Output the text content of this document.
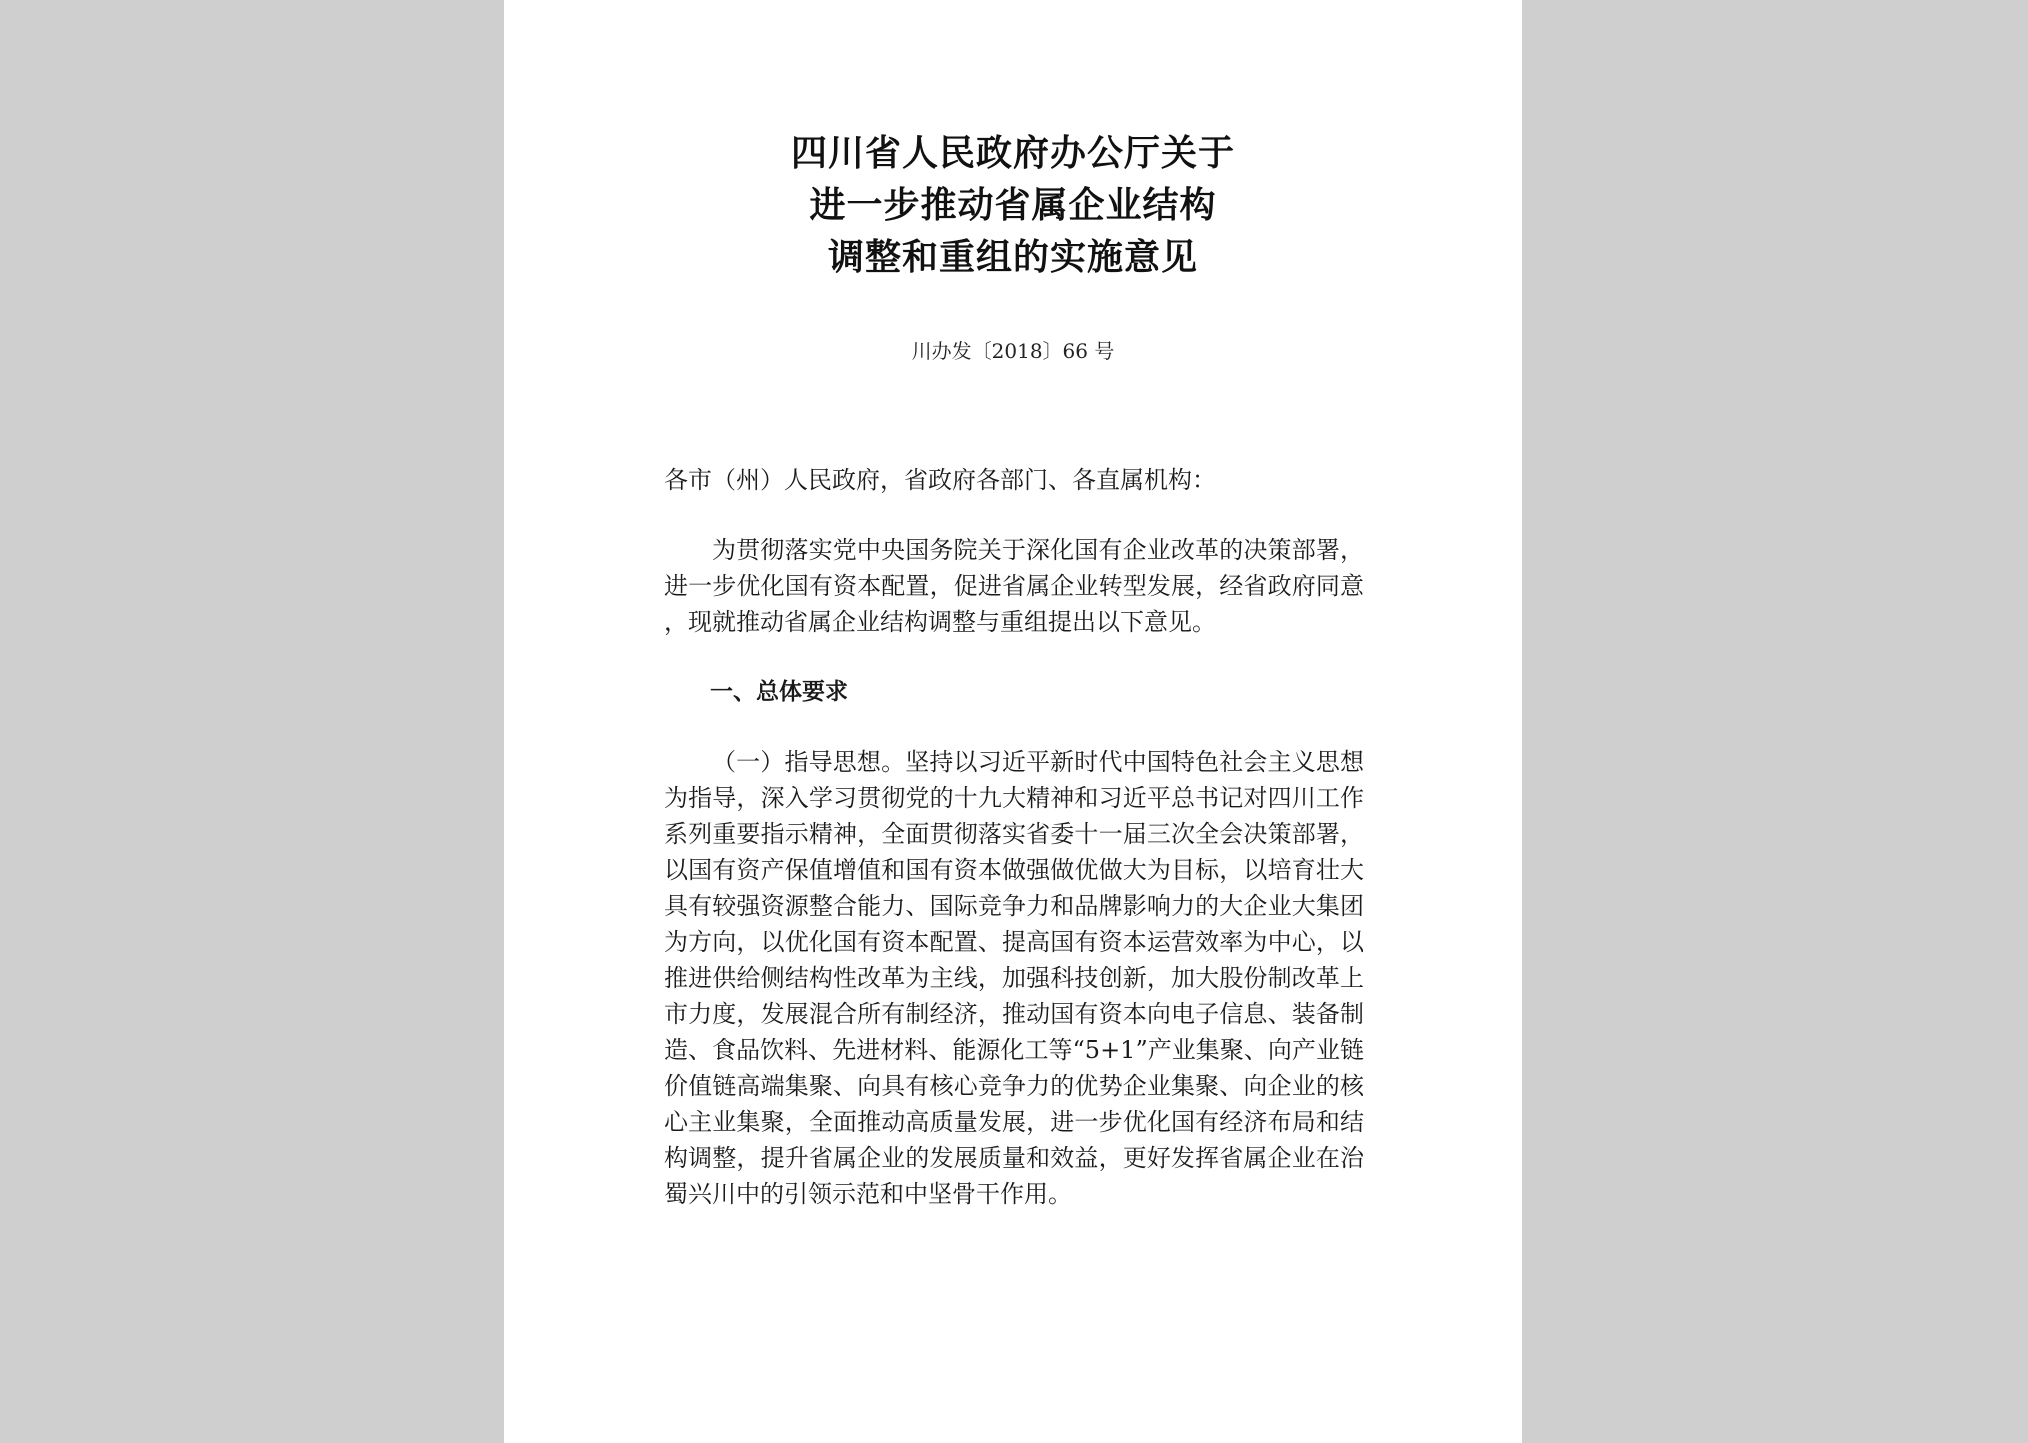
四川省人民政府办公厅关于

进一步推动省属企业结构

调整和重组的实施意见

川办发〔2018〕66 号

各市（州）人民政府，省政府各部门、各直属机构：

为贯彻落实党中央国务院关于深化国有企业改革的决策部署，进一步优化国有资本配置，促进省属企业转型发展，经省政府同意，现就推动省属企业结构调整与重组提出以下意见。

一、总体要求

（一）指导思想。坚持以习近平新时代中国特色社会主义思想为指导，深入学习贯彻党的十九大精神和习近平总书记对四川工作系列重要指示精神，全面贯彻落实省委十一届三次全会决策部署，以国有资产保值增值和国有资本做强做优做大为目标，以培育壮大具有较强资源整合能力、国际竞争力和品牌影响力的大企业大集团为方向，以优化国有资本配置、提高国有资本运营效率为中心，以推进供给侧结构性改革为主线，加强科技创新，加大股份制改革上市力度，发展混合所有制经济，推动国有资本向电子信息、装备制造、食品饮料、先进材料、能源化工等“5+1”产业集聚、向产业链价值链高端集聚、向具有核心竞争力的优势企业集聚、向企业的核心主业集聚，全面推动高质量发展，进一步优化国有经济布局和结构调整，提升省属企业的发展质量和效益，更好发挥省属企业在治蜀兴川中的引领示范和中坚骨干作用。
